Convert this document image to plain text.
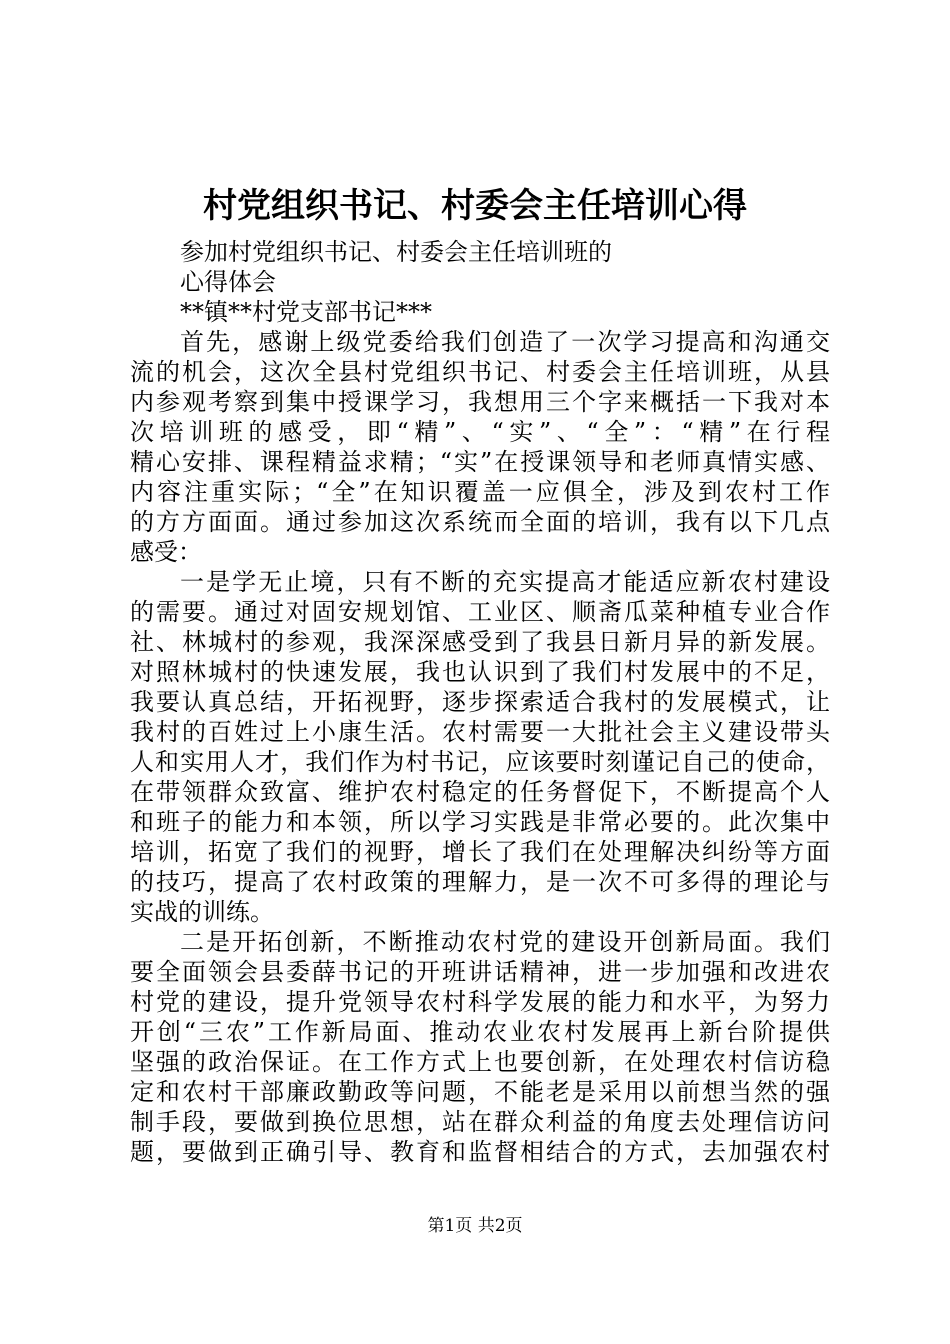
村党组织书记、村委会主任培训心得
参加村党组织书记、村委会主任培训班的
心得体会
**镇**村党支部书记***
首先，感谢上级党委给我们创造了一次学习提高和沟通交
流的机会，这次全县村党组织书记、村委会主任培训班，从县
内参观考察到集中授课学习，我想用三个字来概括一下我对本
次培训班的感受，即“精”、“实”、“全”：“精”在行程
精心安排、课程精益求精；“实”在授课领导和老师真情实感、
内容注重实际；“全”在知识覆盖一应俱全，涉及到农村工作
的方方面面。通过参加这次系统而全面的培训，我有以下几点
感受：
一是学无止境，只有不断的充实提高才能适应新农村建设
的需要。通过对固安规划馆、工业区、顺斋瓜菜种植专业合作
社、林城村的参观，我深深感受到了我县日新月异的新发展。
对照林城村的快速发展，我也认识到了我们村发展中的不足，
我要认真总结，开拓视野，逐步探索适合我村的发展模式，让
我村的百姓过上小康生活。农村需要一大批社会主义建设带头
人和实用人才，我们作为村书记，应该要时刻谨记自己的使命，
在带领群众致富、维护农村稳定的任务督促下，不断提高个人
和班子的能力和本领，所以学习实践是非常必要的。此次集中
培训，拓宽了我们的视野，增长了我们在处理解决纠纷等方面
的技巧，提高了农村政策的理解力，是一次不可多得的理论与
实战的训练。
二是开拓创新，不断推动农村党的建设开创新局面。我们
要全面领会县委薛书记的开班讲话精神，进一步加强和改进农
村党的建设，提升党领导农村科学发展的能力和水平，为努力
开创“三农”工作新局面、推动农业农村发展再上新台阶提供
坚强的政治保证。在工作方式上也要创新，在处理农村信访稳
定和农村干部廉政勤政等问题，不能老是采用以前想当然的强
制手段，要做到换位思想，站在群众利益的角度去处理信访问
题，要做到正确引导、教育和监督相结合的方式，去加强农村
第1页 共2页
